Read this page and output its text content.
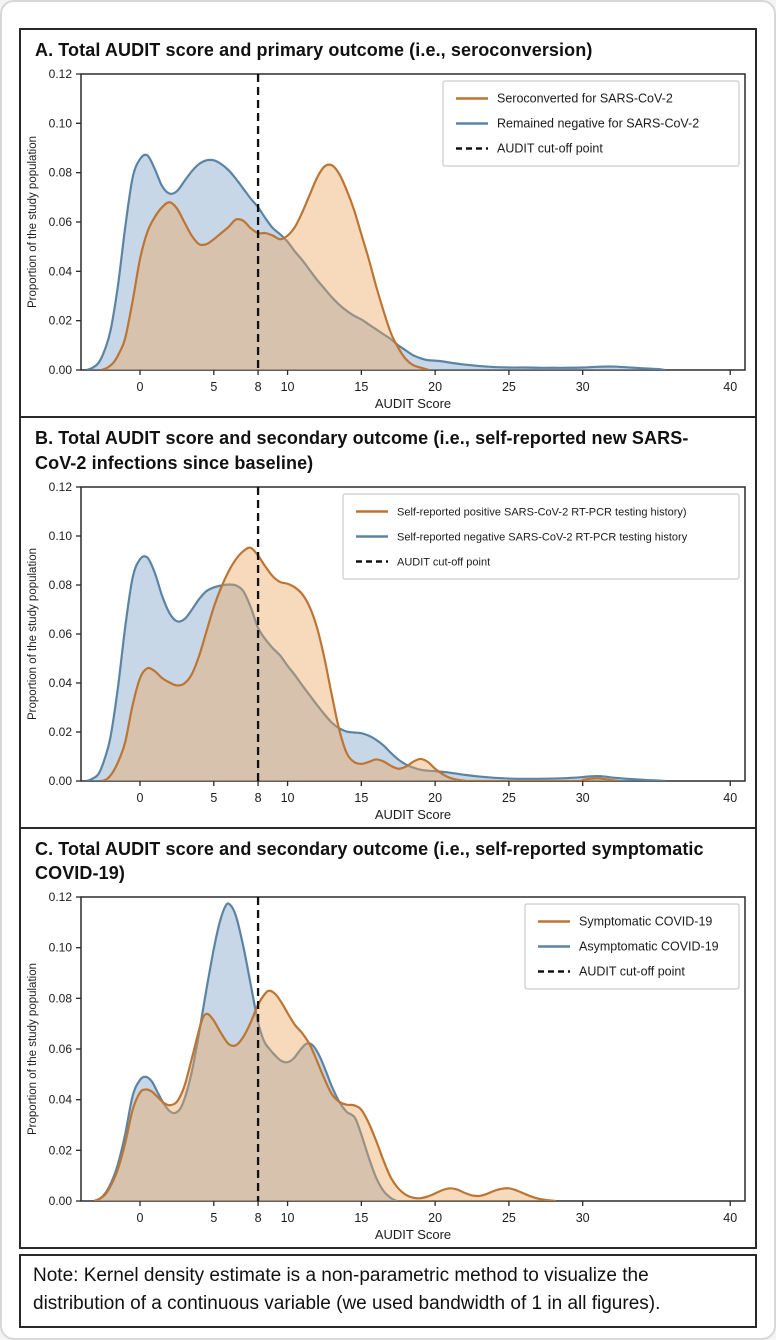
A. Total AUDIT score and primary outcome (i.e., seroconversion)
0.00
0.02
0.04
0.06
0.08
0.10
0.12
0	5	8 10	15	20	25	30	40
AUDIT Score
Proportion of the study population
Seroconverted for SARS-CoV-2
Remained negative for SARS-CoV-2
AUDIT cut-off point
B. Total AUDIT score and secondary outcome (i.e., self-reported new SARS-CoV-2 infections since baseline)
0.00
0.02
0.04
0.06
0.08
0.10
0.12
0	5	8 10	15	20	25	30	40
AUDIT Score
Proportion of the study population
Self-reported positive SARS-CoV-2 RT-PCR testing history)
Self-reported negative SARS-CoV-2 RT-PCR testing history
AUDIT cut-off point
C. Total AUDIT score and secondary outcome (i.e., self-reported symptomatic COVID-19)
0.00
0.02
0.04
0.06
0.08
0.10
0.12
0	5	8 10	15	20	25	30	40
AUDIT Score
Proportion of the study population
Symptomatic COVID-19
Asymptomatic COVID-19
AUDIT cut-off point

Note: Kernel density estimate is a non-parametric method to visualize the distribution of a continuous variable (we used bandwidth of 1 in all figures).
